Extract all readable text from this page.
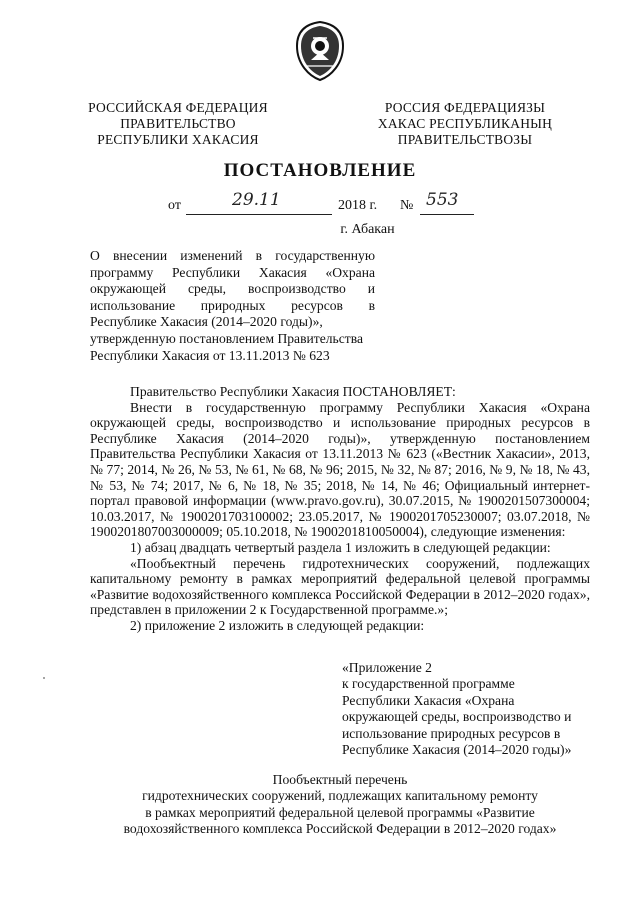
РОССИЙСКАЯ ФЕДЕРАЦИЯ
ПРАВИТЕЛЬСТВО
РЕСПУБЛИКИ ХАКАСИЯ
РОССИЯ ФЕДЕРАЦИЯЗЫ
ХАКАС РЕСПУБЛИКАНЫҢ
ПРАВИТЕЛЬСТВОЗЫ
ПОСТАНОВЛЕНИЕ
от	29.11	2018 г. № 553
г. Абакан

О внесении изменений в государственную программу Республики Хакасия «Охрана окружающей среды, воспроизводство и использование природных ресурсов в Республике Хакасия (2014–2020 годы)»,

утвержденную постановлением Правительства Республики Хакасия от 13.11.2013 № 623

Правительство Республики Хакасия ПОСТАНОВЛЯЕТ:

Внести в государственную программу Республики Хакасия «Охрана окружающей среды, воспроизводство и использование природных ресурсов в Республике Хакасия (2014–2020 годы)», утвержденную постановлением Правительства Республики Хакасия от 13.11.2013 № 623 («Вестник Хакасии», 2013, № 77; 2014, № 26, № 53, № 61, № 68, № 96; 2015, № 32, № 87; 2016, № 9, № 18, № 43, № 53, № 74; 2017, № 6, № 18, № 35; 2018, № 14, № 46; Официальный интернет-портал правовой информации (www.pravo.gov.ru), 30.07.2015, № 1900201507300004; 10.03.2017, № 1900201703100002; 23.05.2017, № 1900201705230007; 03.07.2018, № 1900201807003000009; 05.10.2018, № 1900201810050004), следующие изменения:

1) абзац двадцать четвертый раздела 1 изложить в следующей редакции:

«Пообъектный перечень гидротехнических сооружений, подлежащих капитальному ремонту в рамках мероприятий федеральной целевой программы «Развитие водохозяйственного комплекса Российской Федерации в 2012–2020 годах», представлен в приложении 2 к Государственной программе.»;

2) приложение 2 изложить в следующей редакции:

«Приложение 2

к государственной программе

Республики Хакасия «Охрана

окружающей среды, воспроизводство и

использование природных ресурсов в

Республике Хакасия (2014–2020 годы)»

Пообъектный перечень

гидротехнических сооружений, подлежащих капитальному ремонту

в рамках мероприятий федеральной целевой программы «Развитие

водохозяйственного комплекса Российской Федерации в 2012–2020 годах»
